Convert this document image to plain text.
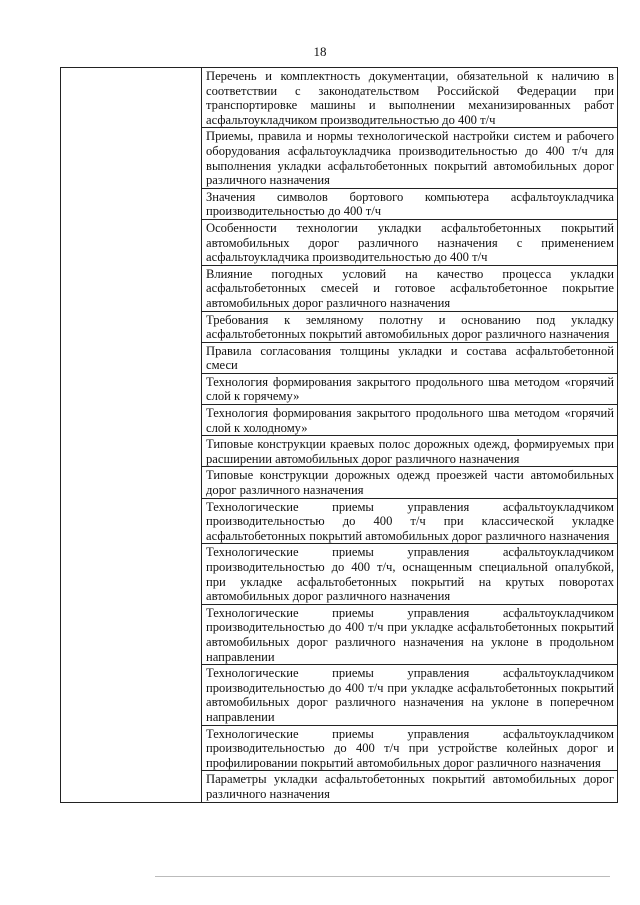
18
	Перечень и комплектность документации, обязательной к наличию в соответствии с законодательством Российской Федерации при транспортировке машины и выполнении механизированных работ асфальтоукладчиком производительностью до 400 т/ч
Приемы, правила и нормы технологической настройки систем и рабочего оборудования асфальтоукладчика производительностью до 400 т/ч для выполнения укладки асфальтобетонных покрытий автомобильных дорог различного назначения
Значения символов бортового компьютера асфальтоукладчика производительностью до 400 т/ч
Особенности технологии укладки асфальтобетонных покрытий автомобильных дорог различного назначения с применением асфальтоукладчика производительностью до 400 т/ч
Влияние погодных условий на качество процесса укладки асфальтобетонных смесей и готовое асфальтобетонное покрытие автомобильных дорог различного назначения
Требования к земляному полотну и основанию под укладку асфальтобетонных покрытий автомобильных дорог различного назначения
Правила согласования толщины укладки и состава асфальтобетонной смеси
Технология формирования закрытого продольного шва методом «горячий слой к горячему»
Технология формирования закрытого продольного шва методом «горячий слой к холодному»
Типовые конструкции краевых полос дорожных одежд, формируемых при расширении автомобильных дорог различного назначения
Типовые конструкции дорожных одежд проезжей части автомобильных дорог различного назначения
Технологические приемы управления асфальтоукладчиком производительностью до 400 т/ч при классической укладке асфальтобетонных покрытий автомобильных дорог различного назначения
Технологические приемы управления асфальтоукладчиком производительностью до 400 т/ч, оснащенным специальной опалубкой, при укладке асфальтобетонных покрытий на крутых поворотах автомобильных дорог различного назначения
Технологические приемы управления асфальтоукладчиком производительностью до 400 т/ч при укладке асфальтобетонных покрытий автомобильных дорог различного назначения на уклоне в продольном направлении
Технологические приемы управления асфальтоукладчиком производительностью до 400 т/ч при укладке асфальтобетонных покрытий автомобильных дорог различного назначения на уклоне в поперечном направлении
Технологические приемы управления асфальтоукладчиком производительностью до 400 т/ч при устройстве колейных дорог и профилировании покрытий автомобильных дорог различного назначения
Параметры укладки асфальтобетонных покрытий автомобильных дорог различного назначения
